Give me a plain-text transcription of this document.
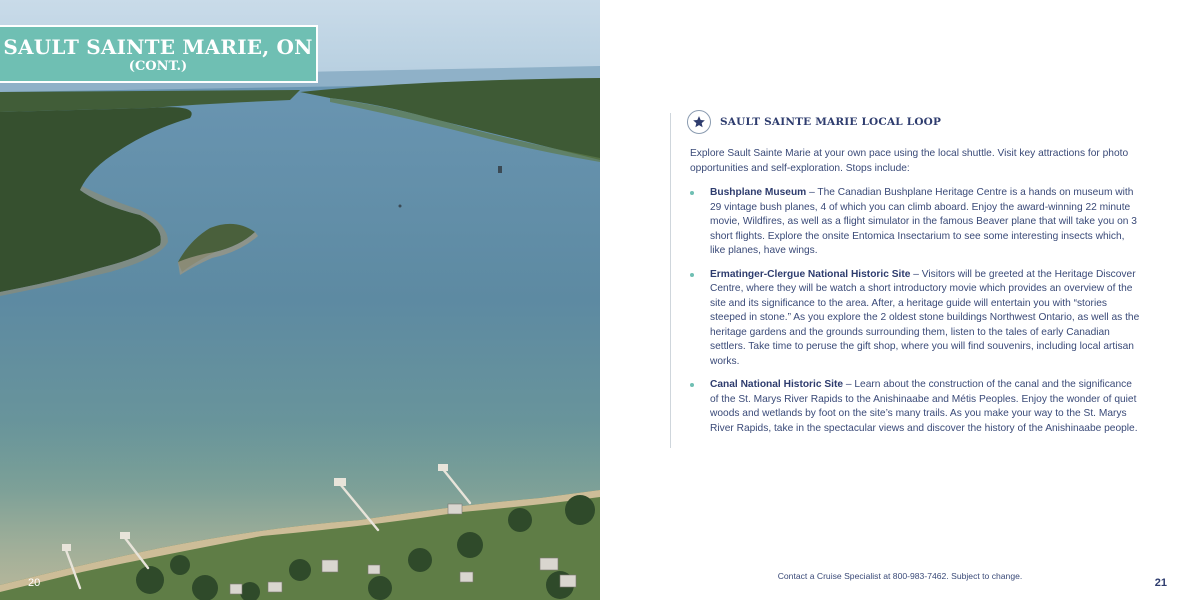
SAULT SAINTE MARIE, ON
(CONT.)
20
SAULT SAINTE MARIE LOCAL LOOP
Explore Sault Sainte Marie at your own pace using the local shuttle. Visit key attractions for photo opportunities and self-exploration. Stops include:
Bushplane Museum – The Canadian Bushplane Heritage Centre is a hands on museum with 29 vintage bush planes, 4 of which you can climb aboard. Enjoy the award-winning 22 minute movie, Wildfires, as well as a flight simulator in the famous Beaver plane that will take you on 3 short flights. Explore the onsite Entomica Insectarium to see some interesting insects which, like planes, have wings.
Ermatinger-Clergue National Historic Site – Visitors will be greeted at the Heritage Discover Centre, where they will be watch a short introductory movie which provides an overview of the site and its significance to the area. After, a heritage guide will entertain you with “stories steeped in stone.” As you explore the 2 oldest stone buildings Northwest Ontario, as well as the heritage gardens and the grounds surrounding them, listen to the tales of early Canadian settlers. Take time to peruse the gift shop, where you will find souvenirs, including local artisan works.
Canal National Historic Site – Learn about the construction of the canal and the significance of the St. Marys River Rapids to the Anishinaabe and Métis Peoples. Enjoy the wonder of quiet woods and wetlands by foot on the site’s many trails. As you make your way to the St. Marys River Rapids, take in the spectacular views and discover the history of the Anishinaabe people.
Contact a Cruise Specialist at 800-983-7462. Subject to change.
21
